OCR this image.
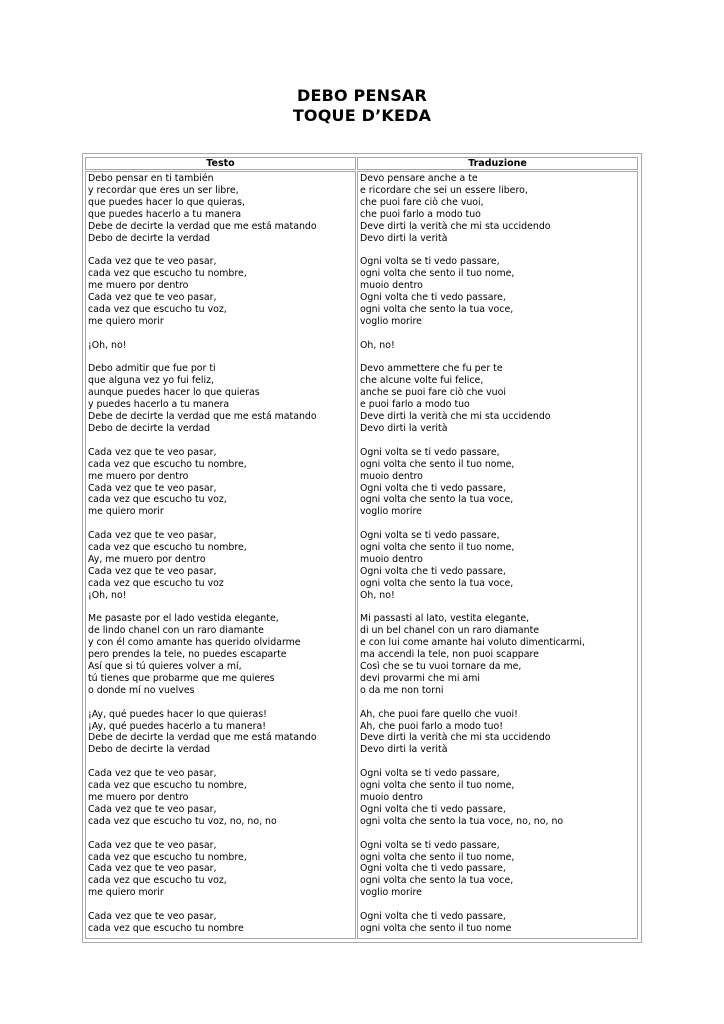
DEBO PENSAR
TOQUE D’KEDA
Testo	Traduzione
Debo pensar en ti también
y recordar que eres un ser libre,
que puedes hacer lo que quieras,
que puedes hacerlo a tu manera
Debe de decirte la verdad que me está matando
Debo de decirte la verdad
Cada vez que te veo pasar,
cada vez que escucho tu nombre,
me muero por dentro
Cada vez que te veo pasar,
cada vez que escucho tu voz,
me quiero morir
¡Oh, no!
Debo admitir que fue por ti
que alguna vez yo fui feliz,
aunque puedes hacer lo que quieras
y puedes hacerlo a tu manera
Debe de decirte la verdad que me está matando
Debo de decirte la verdad
Cada vez que te veo pasar,
cada vez que escucho tu nombre,
me muero por dentro
Cada vez que te veo pasar,
cada vez que escucho tu voz,
me quiero morir
Cada vez que te veo pasar,
cada vez que escucho tu nombre,
Ay, me muero por dentro
Cada vez que te veo pasar,
cada vez que escucho tu voz
¡Oh, no!
Me pasaste por el lado vestida elegante,
de lindo chanel con un raro diamante
y con él como amante has querido olvidarme
pero prendes la tele, no puedes escaparte
Así que si tú quieres volver a mí,
tú tienes que probarme que me quieres
o donde mí no vuelves
¡Ay, qué puedes hacer lo que quieras!
¡Ay, qué puedes hacerlo a tu manera!
Debe de decirte la verdad que me está matando
Debo de decirte la verdad
Cada vez que te veo pasar,
cada vez que escucho tu nombre,
me muero por dentro
Cada vez que te veo pasar,
cada vez que escucho tu voz, no, no, no
Cada vez que te veo pasar,
cada vez que escucho tu nombre,
Cada vez que te veo pasar,
cada vez que escucho tu voz,
me quiero morir
Cada vez que te veo pasar,
cada vez que escucho tu nombre
Devo pensare anche a te
e ricordare che sei un essere libero,
che puoi fare ciò che vuoi,
che puoi farlo a modo tuo
Deve dirti la verità che mi sta uccidendo
Devo dirti la verità
Ogni volta se ti vedo passare,
ogni volta che sento il tuo nome,
muoio dentro
Ogni volta che ti vedo passare,
ogni volta che sento la tua voce,
voglio morire
Oh, no!
Devo ammettere che fu per te
che alcune volte fui felice,
anche se puoi fare ciò che vuoi
e puoi farlo a modo tuo
Deve dirti la verità che mi sta uccidendo
Devo dirti la verità
Ogni volta se ti vedo passare,
ogni volta che sento il tuo nome,
muoio dentro
Ogni volta che ti vedo passare,
ogni volta che sento la tua voce,
voglio morire
Ogni volta se ti vedo passare,
ogni volta che sento il tuo nome,
muoio dentro
Ogni volta che ti vedo passare,
ogni volta che sento la tua voce,
Oh, no!
Mi passasti al lato, vestita elegante,
di un bel chanel con un raro diamante
e con lui come amante hai voluto dimenticarmi,
ma accendi la tele, non puoi scappare
Così che se tu vuoi tornare da me,
devi provarmi che mi ami
o da me non torni
Ah, che puoi fare quello che vuoi!
Ah, che puoi farlo a modo tuo!
Deve dirti la verità che mi sta uccidendo
Devo dirti la verità
Ogni volta se ti vedo passare,
ogni volta che sento il tuo nome,
muoio dentro
Ogni volta che ti vedo passare,
ogni volta che sento la tua voce, no, no, no
Ogni volta se ti vedo passare,
ogni volta che sento il tuo nome,
Ogni volta che ti vedo passare,
ogni volta che sento la tua voce,
voglio morire
Ogni volta che ti vedo passare,
ogni volta che sento il tuo nome
